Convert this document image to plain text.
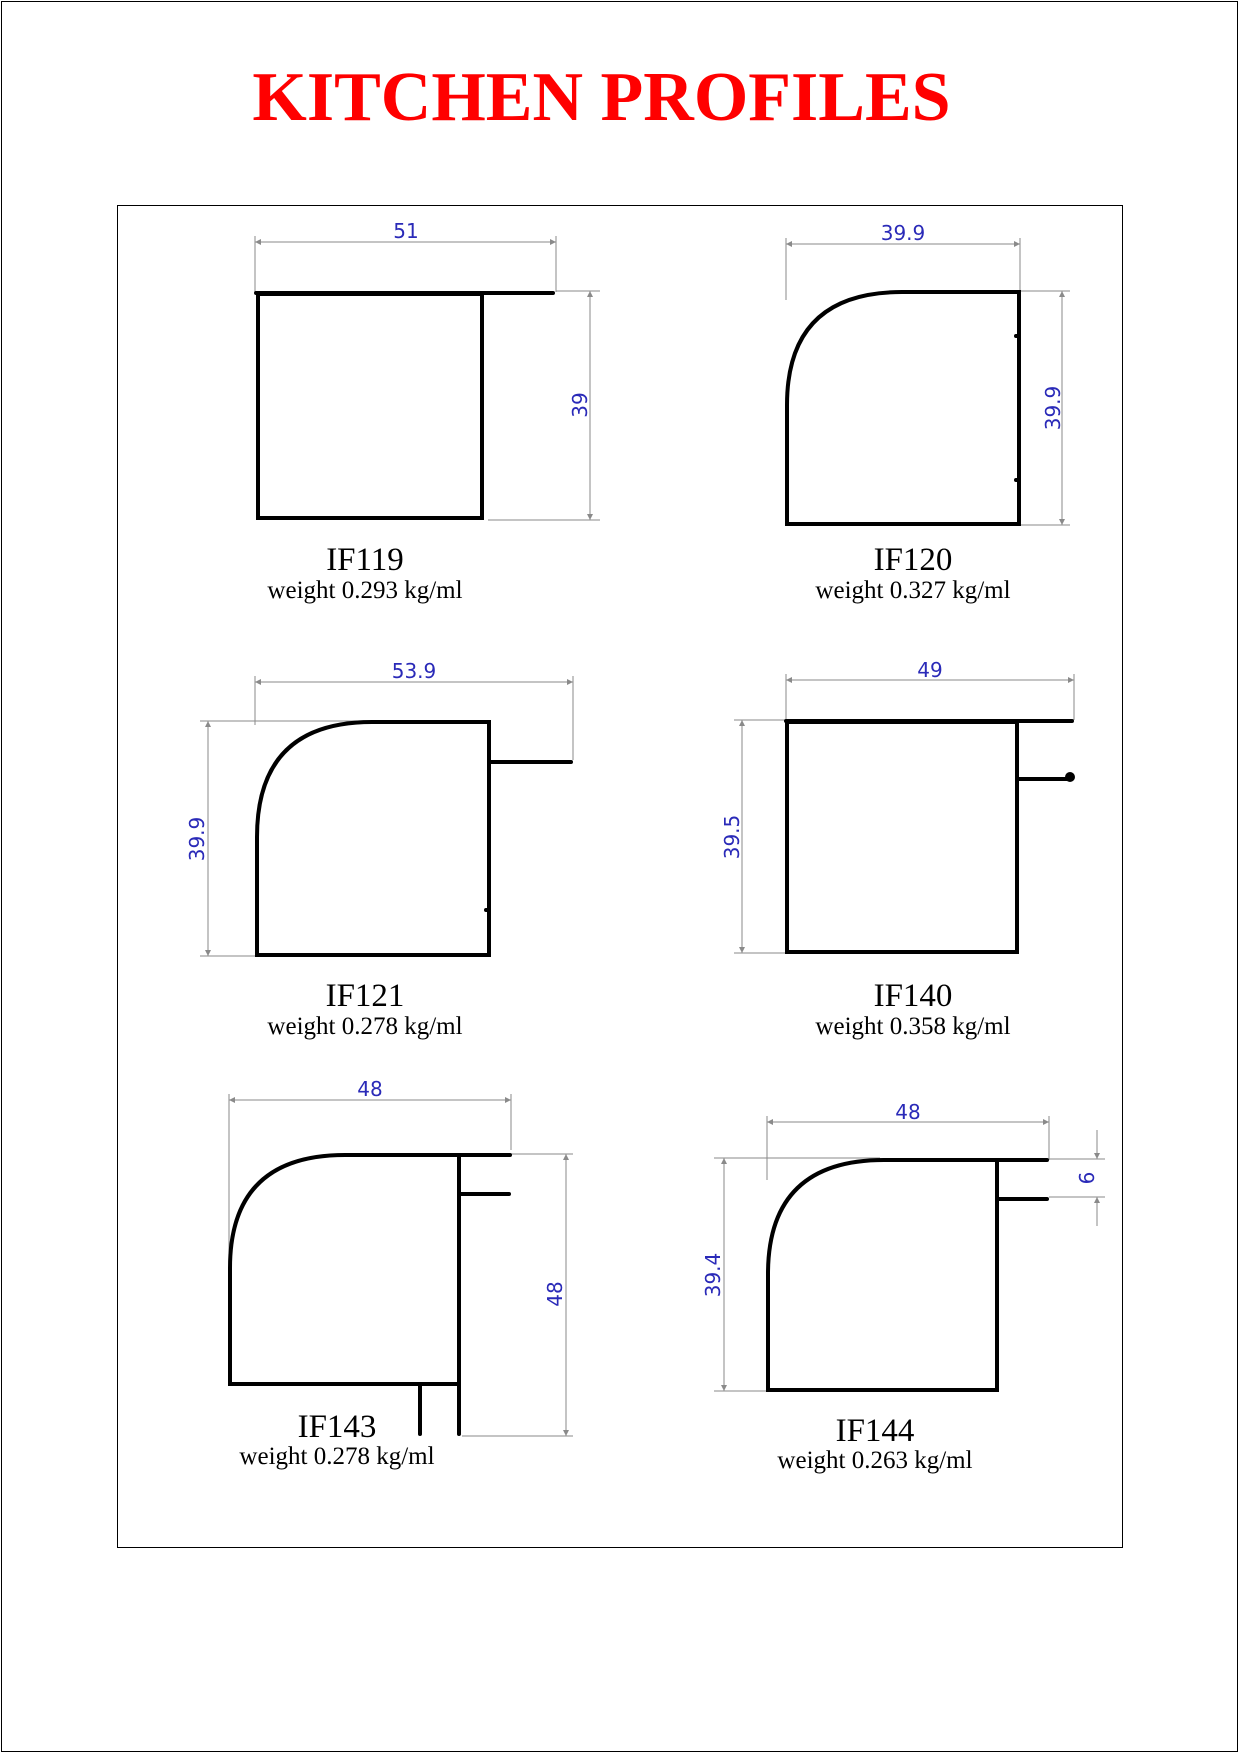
KITCHEN PROFILES
51
39
IF119
weight 0.293 kg/ml
39.9
39.9
IF120
weight 0.327 kg/ml
53.9
39.9
IF121
weight 0.278 kg/ml
49
39.5
IF140
weight 0.358 kg/ml
48
48
IF143
weight 0.278 kg/ml
48
39.4
6
IF144
weight 0.263 kg/ml
